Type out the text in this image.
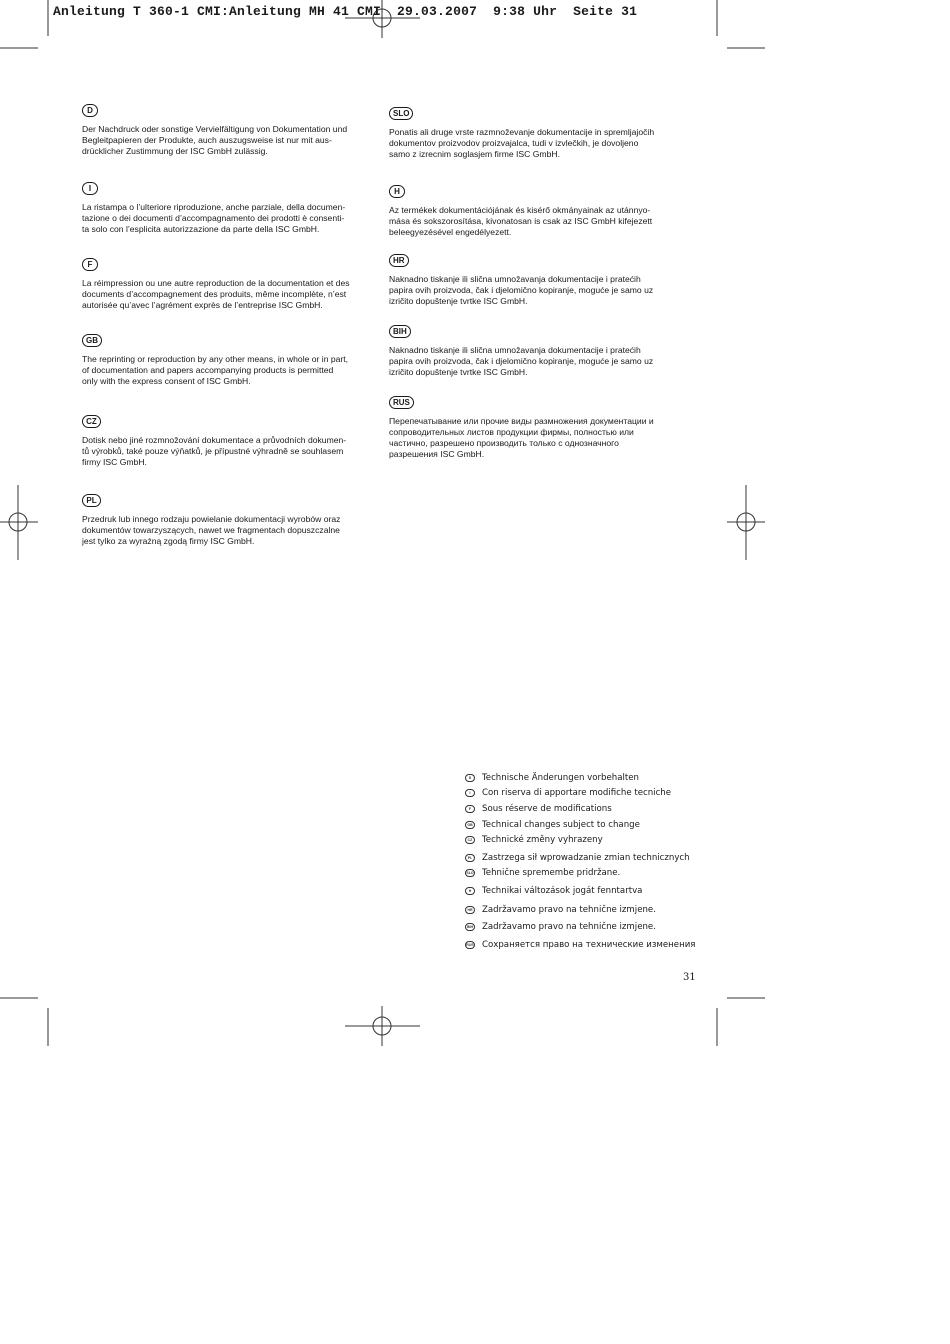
Anleitung T 360-1 CMI:Anleitung MH 41 CMI  29.03.2007  9:38 Uhr  Seite 31
D
Der Nachdruck oder sonstige Vervielfältigung von Dokumentation und
Begleitpapieren der Produkte, auch auszugsweise ist nur mit aus-
drücklicher Zustimmung der ISC GmbH zulässig.
I
La ristampa o l’ulteriore riproduzione, anche parziale, della documen-
tazione o dei documenti d’accompagnamento dei prodotti è consenti-
ta solo con l’esplicita autorizzazione da parte della ISC GmbH.
F
La réimpression ou une autre reproduction de la documentation et des
documents d’accompagnement des produits, même incomplète, n’est
autorisée qu’avec l’agrément exprès de l’entreprise ISC GmbH.
GB
The reprinting or reproduction by any other means, in whole or in part,
of documentation and papers accompanying products is permitted
only with the express consent of ISC GmbH.
CZ
Dotisk nebo jiné rozmnožování dokumentace a průvodních dokumen-
tů výrobků, také pouze výňatků, je přípustné výhradně se souhlasem
firmy ISC GmbH.
PL
Przedruk lub innego rodzaju powielanie dokumentacji wyrobów oraz
dokumentów towarzyszących, nawet we fragmentach dopuszczalne
jest tylko za wyraźną zgodą firmy ISC GmbH.
SLO
Ponatis ali druge vrste razmnoževanje dokumentacije in spremljajočih
dokumentov proizvodov proizvajalca, tudi v izvlečkih, je dovoljeno
samo z izrecnim soglasjem firme ISC GmbH.
H
Az termékek dokumentációjának és kisérő okmányainak az utánnyo-
mása és sokszorosítása, kivonatosan is csak az ISC GmbH kifejezett
beleegyezésével engedélyezett.
HR
Naknadno tiskanje ili slična umnožavanja dokumentacije i pratećih
papira ovih proizvoda, čak i djelomično kopiranje, moguće je samo uz
izričito dopuštenje tvrtke ISC GmbH.
BIH
Naknadno tiskanje ili slična umnožavanja dokumentacije i pratećih
papira ovih proizvoda, čak i djelomično kopiranje, moguće je samo uz
izričito dopuštenje tvrtke ISC GmbH.
RUS
Перепечатывание или прочие виды размножения документации и
сопроводительных листов продукции фирмы, полностью или
частично, разрешено производить только с однозначного
разрешения ISC GmbH.
D	Technische Änderungen vorbehalten
I	Con riserva di apportare modifiche tecniche
F	Sous réserve de modifications
GB Technical changes subject to change
CZ	Technické změny vyhrazeny
PL	Zastrzega sił wprowadzanie zmian technicznych
SLO Tehnične spremembe pridržane.
H	Technikai változások jogát fenntartva
HR Zadržavamo pravo na tehnične izmjene.
BIH Zadržavamo pravo na tehnične izmjene.
RUS Сохраняется право на технические изменения
31
